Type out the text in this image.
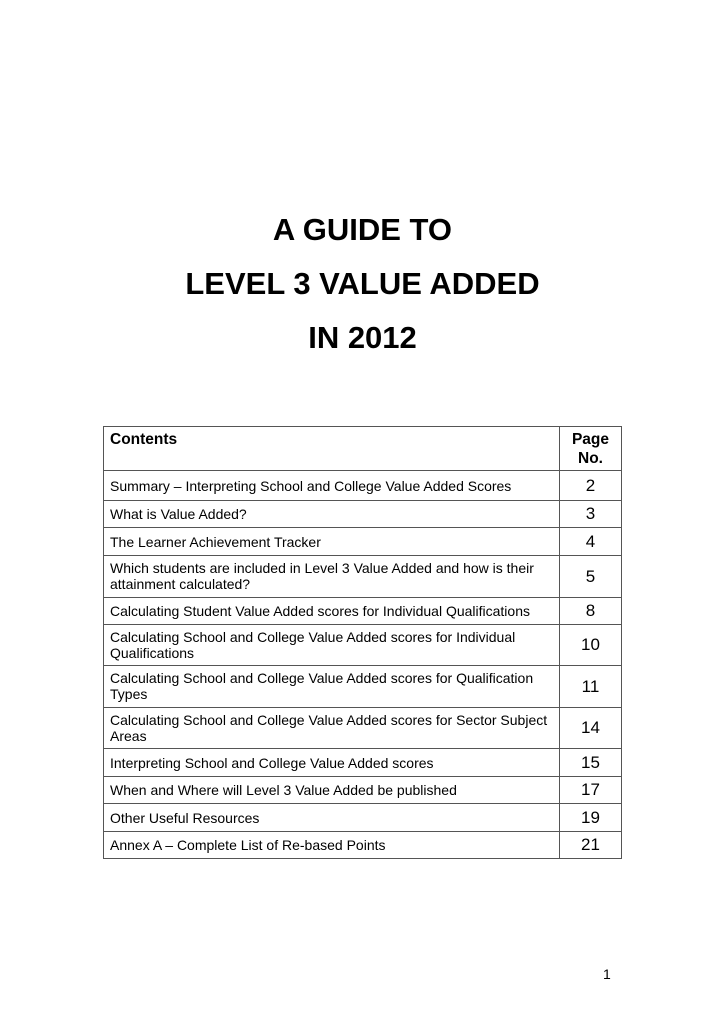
A GUIDE TO
LEVEL 3 VALUE ADDED
IN 2012
Contents	Page
No.
Summary – Interpreting School and College Value Added Scores	2
What is Value Added?	3
The Learner Achievement Tracker	4
Which students are included in Level 3 Value Added and how is their attainment calculated?	5
Calculating Student Value Added scores for Individual Qualifications	8
Calculating School and College Value Added scores for Individual Qualifications	10
Calculating School and College Value Added scores for Qualification Types	11
Calculating School and College Value Added scores for Sector Subject Areas	14
Interpreting School and College Value Added scores	15
When and Where will Level 3 Value Added be published	17
Other Useful Resources	19
Annex A – Complete List of Re-based Points	21
1
